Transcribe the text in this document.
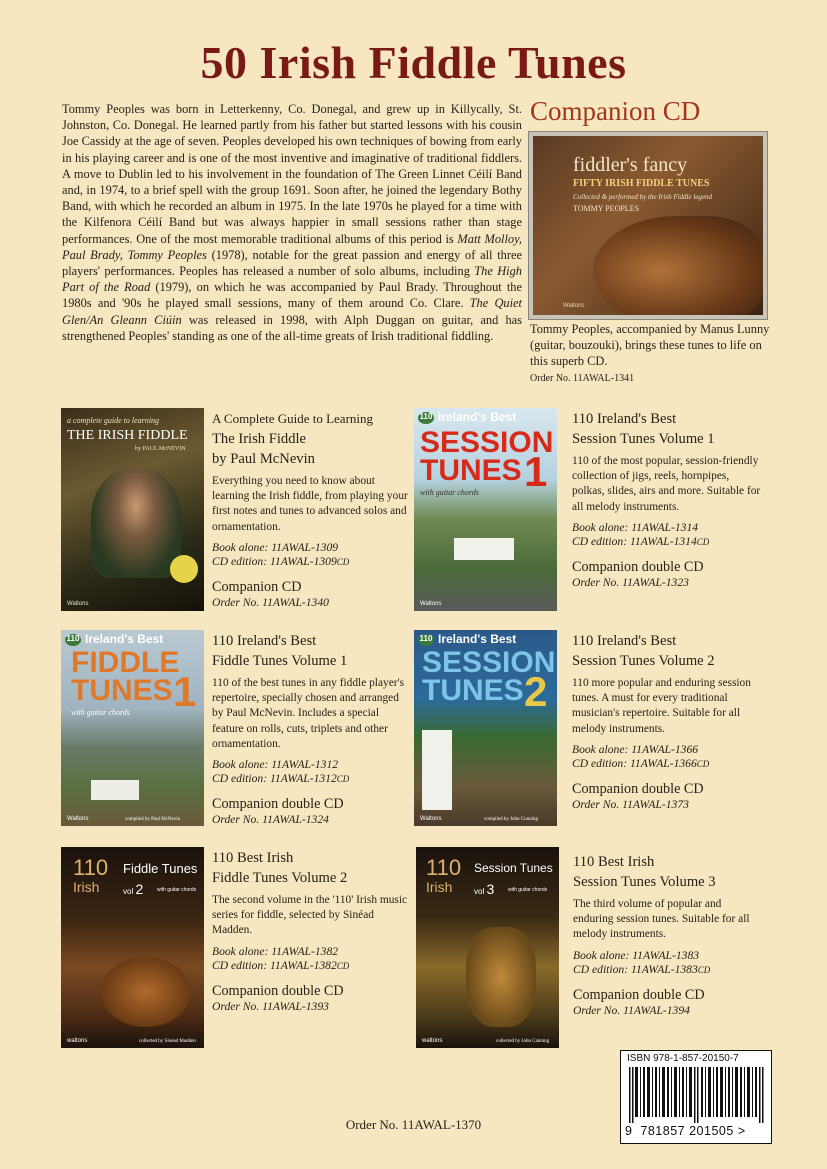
50 Irish Fiddle Tunes
Tommy Peoples was born in Letterkenny, Co. Donegal, and grew up in Killycally, St. Johnston, Co. Donegal. He learned partly from his father but started lessons with his cousin Joe Cassidy at the age of seven. Peoples developed his own techniques of bowing from early in his playing career and is one of the most inventive and imaginative of traditional fiddlers. A move to Dublin led to his involvement in the foundation of The Green Linnet Céilí Band and, in 1974, to a brief spell with the group 1691. Soon after, he joined the legendary Bothy Band, with which he recorded an album in 1975. In the late 1970s he played for a time with the Kilfenora Céilí Band but was always happier in small sessions rather than stage performances. One of the most memorable traditional albums of this period is Matt Molloy, Paul Brady, Tommy Peoples (1978), notable for the great passion and energy of all three players' performances. Peoples has released a number of solo albums, including The High Part of the Road (1979), on which he was accompanied by Paul Brady. Throughout the 1980s and '90s he played small sessions, many of them around Co. Clare. The Quiet Glen/An Gleann Ciúin was released in 1998, with Alph Duggan on guitar, and has strengthened Peoples' standing as one of the all-time greats of Irish traditional fiddling.
Companion CD
fiddler's fancy
FIFTY IRISH FIDDLE TUNES
Collected & performed by the Irish Fiddle legend
TOMMY PEOPLES
Waltons
Tommy Peoples, accompanied by Manus Lunny (guitar, bouzouki), brings these tunes to life on this superb CD.
Order No. 11AWAL-1341
a complete guide to learning
THE IRISH FIDDLE
by PAUL McNEVIN
Waltons
A Complete Guide to Learning
The Irish Fiddle
by Paul McNevin
Everything you need to know about learning the Irish fiddle, from playing your first notes and tunes to advanced solos and ornamentation.
Book alone: 11AWAL-1309
CD edition: 11AWAL-1309CD
Companion CD
Order No. 11AWAL-1340
110 Ireland's Best
SESSION
TUNES 1
with guitar chords
Waltons
110 Ireland's Best
Session Tunes Volume 1
110 of the most popular, session-friendly collection of jigs, reels, hornpipes, polkas, slides, airs and more. Suitable for all melody instruments.
Book alone: 11AWAL-1314
CD edition: 11AWAL-1314CD
Companion double CD
Order No. 11AWAL-1323
110 Ireland's Best
FIDDLE
TUNES 1
with guitar chords
compiled by Paul McNevin
Waltons
110 Ireland's Best
Fiddle Tunes Volume 1
110 of the best tunes in any fiddle player's repertoire, specially chosen and arranged by Paul McNevin. Includes a special feature on rolls, cuts, triplets and other ornamentation.
Book alone: 11AWAL-1312
CD edition: 11AWAL-1312CD
Companion double CD
Order No. 11AWAL-1324
110 Ireland's Best
SESSION
TUNES 2
compiled by John Cunning
Waltons
110 Ireland's Best
Session Tunes Volume 2
110 more popular and enduring session tunes. A must for every traditional musician's repertoire. Suitable for all melody instruments.
Book alone: 11AWAL-1366
CD edition: 11AWAL-1366CD
Companion double CD
Order No. 11AWAL-1373
110
Irish
Fiddle Tunes
vol 2	with guitar chords
collected by Sinéad Madden
waltons
110 Best Irish
Fiddle Tunes Volume 2
The second volume in the '110' Irish music series for fiddle, selected by Sinéad Madden.
Book alone: 11AWAL-1382
CD edition: 11AWAL-1382CD
Companion double CD
Order No. 11AWAL-1393
110
Irish
Session Tunes
vol 3	with guitar chords
collected by John Canning
waltons
110 Best Irish
Session Tunes Volume 3
The third volume of popular and enduring session tunes. Suitable for all melody instruments.
Book alone: 11AWAL-1383
CD edition: 11AWAL-1383CD
Companion double CD
Order No. 11AWAL-1394
ISBN 978-1-857-20150-7
9 781857 201505 >
Order No. 11AWAL-1370
